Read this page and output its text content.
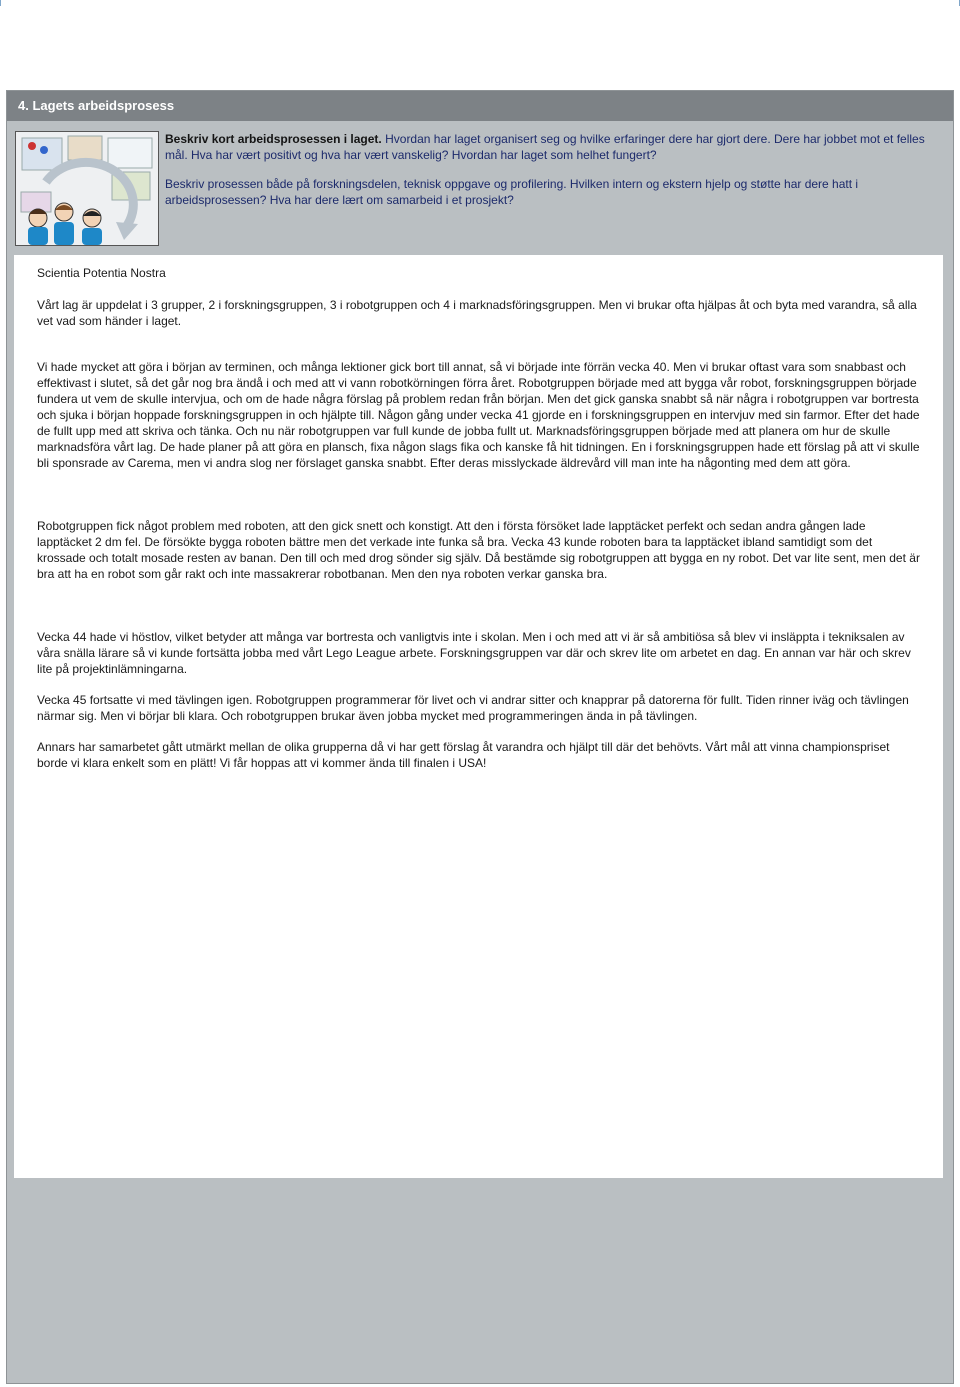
4. Lagets arbeidsprosess

Beskriv kort arbeidsprosessen i laget. Hvordan har laget organisert seg og hvilke erfaringer dere har gjort dere. Dere har jobbet mot et felles mål. Hva har vært positivt og hva har vært vanskelig? Hvordan har laget som helhet fungert?

Beskriv prosessen både på forskningsdelen, teknisk oppgave og profilering. Hvilken intern og ekstern hjelp og støtte har dere hatt i arbeidsprosessen? Hva har dere lært om samarbeid i et prosjekt?

Scientia Potentia Nostra

Vårt lag är uppdelat i 3 grupper, 2 i forskningsgruppen, 3 i robotgruppen och 4 i marknadsföringsgruppen. Men vi brukar ofta hjälpas åt och byta med varandra, så alla vet vad som händer i laget.

Vi hade mycket att göra i början av terminen, och många lektioner gick bort till annat, så vi började inte förrän vecka 40. Men vi brukar oftast vara som snabbast och effektivast i slutet, så det går nog bra ändå i och med att vi vann robotkörningen förra året. Robotgruppen började med att bygga vår robot, forskningsgruppen började fundera ut vem de skulle intervjua, och om de hade några förslag på problem redan från början. Men det gick ganska snabbt så när några i robotgruppen var bortresta och sjuka i början hoppade forskningsgruppen in och hjälpte till. Någon gång under vecka 41 gjorde en i forskningsgruppen en intervjuv med sin farmor. Efter det hade de fullt upp med att skriva och tänka. Och nu när robotgruppen var full kunde de jobba fullt ut. Marknadsföringsgruppen började med att planera om hur de skulle marknadsföra vårt lag. De hade planer på att göra en plansch, fixa någon slags fika och kanske få hit tidningen. En i forskningsgruppen hade ett förslag på att vi skulle bli sponsrade av Carema, men vi andra slog ner förslaget ganska snabbt. Efter deras misslyckade äldrevård vill man inte ha någonting med dem att göra.

Robotgruppen fick något problem med roboten, att den gick snett och konstigt. Att den i första försöket lade lapptäcket perfekt och sedan andra gången lade lapptäcket 2 dm fel. De försökte bygga roboten bättre men det verkade inte funka så bra. Vecka 43 kunde roboten bara ta lapptäcket ibland samtidigt som det krossade och totalt mosade resten av banan. Den till och med drog sönder sig själv. Då bestämde sig robotgruppen att bygga en ny robot. Det var lite sent, men det är bra att ha en robot som går rakt och inte massakrerar robotbanan. Men den nya roboten verkar ganska bra.

Vecka 44 hade vi höstlov, vilket betyder att många var bortresta och vanligtvis inte i skolan. Men i och med att vi är så ambitiösa så blev vi insläppta i tekniksalen av våra snälla lärare så vi kunde fortsätta jobba med vårt Lego League arbete. Forskningsgruppen var där och skrev lite om arbetet en dag. En annan var här och skrev lite på projektinlämningarna.

Vecka 45 fortsatte vi med tävlingen igen. Robotgruppen programmerar för livet och vi andrar sitter och knapprar på datorerna för fullt. Tiden rinner iväg och tävlingen närmar sig. Men vi börjar bli klara. Och robotgruppen brukar även jobba mycket med programmeringen ända in på tävlingen.

Annars har samarbetet gått utmärkt mellan de olika grupperna då vi har gett förslag åt varandra och hjälpt till där det behövts. Vårt mål att vinna championspriset borde vi klara enkelt som en plätt! Vi får hoppas att vi kommer ända till finalen i USA!
